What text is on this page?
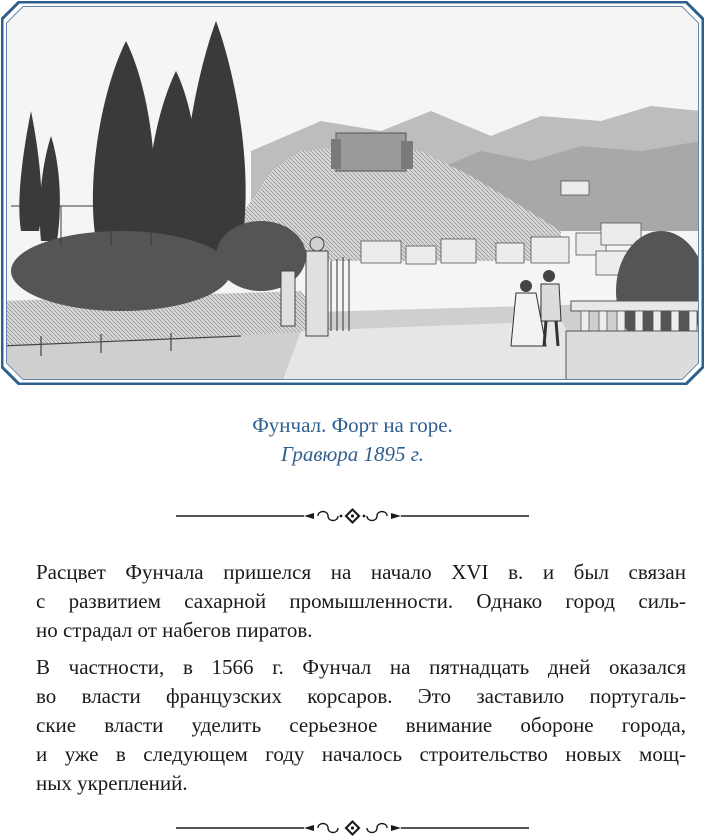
Фунчал. Форт на горе.
Гравюра 1895 г.

Расцвет Фунчала пришелся на начало XVI в. и был связан
с развитием сахарной промышленности. Однако город силь-
но страдал от набегов пиратов.

В частности, в 1566 г. Фунчал на пятнадцать дней оказался
во власти французских корсаров. Это заставило португаль-
ские власти уделить серьезное внимание обороне города,
и уже в следующем году началось строительство новых мощ-
ных укреплений.
